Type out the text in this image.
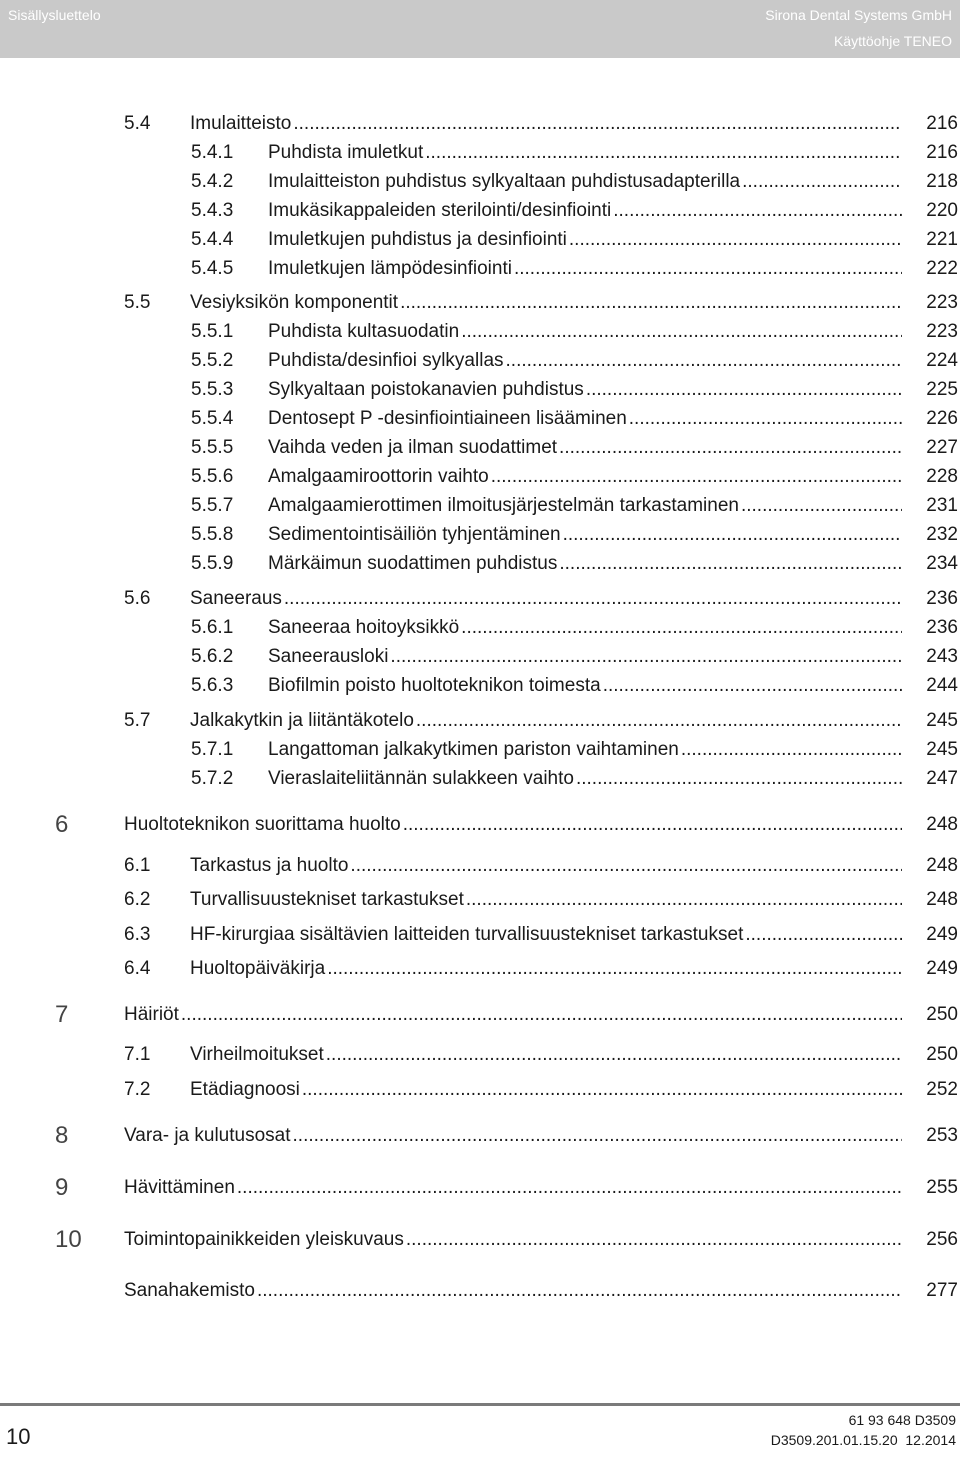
Sisällysluettelo	Sirona Dental Systems GmbH
Käyttöohje TENEO
5.4 Imulaitteisto .....	216
5.4.1 Puhdista imuletkut .....	216
5.4.2 Imulaitteiston puhdistus sylkyaltaan puhdistusadapterilla .....	218
5.4.3 Imukäsikappaleiden sterilointi/desinfiointi .....	220
5.4.4 Imuletkujen puhdistus ja desinfiointi .....	221
5.4.5 Imuletkujen lämpödesinfiointi .....	222
5.5 Vesiyksikön komponentit .....	223
5.5.1 Puhdista kultasuodatin .....	223
5.5.2 Puhdista/desinfioi sylkyallas .....	224
5.5.3 Sylkyaltaan poistokanavien puhdistus .....	225
5.5.4 Dentosept P -desinfiointiaineen lisääminen .....	226
5.5.5 Vaihda veden ja ilman suodattimet .....	227
5.5.6 Amalgaamiroottorin vaihto .....	228
5.5.7 Amalgaamierottimen ilmoitusjärjestelmän tarkastaminen .....	231
5.5.8 Sedimentointisäiliön tyhjentäminen .....	232
5.5.9 Märkäimun suodattimen puhdistus .....	234
5.6 Saneeraus .....	236
5.6.1 Saneeraa hoitoyksikkö .....	236
5.6.2 Saneerausloki .....	243
5.6.3 Biofilmin poisto huoltoteknikon toimesta .....	244
5.7 Jalkakytkin ja liitäntäkotelo .....	245
5.7.1 Langattoman jalkakytkimen pariston vaihtaminen .....	245
5.7.2 Vieraslaiteliitännän sulakkeen vaihto .....	247
6	Huoltoteknikon suorittama huolto .....	248
6.1 Tarkastus ja huolto .....	248
6.2 Turvallisuustekniset tarkastukset .....	248
6.3 HF-kirurgiaa sisältävien laitteiden turvallisuustekniset tarkastukset .....	249
6.4 Huoltopäiväkirja .....	249
7	Häiriöt .....	250
7.1 Virheilmoitukset .....	250
7.2 Etädiagnoosi .....	252
8	Vara- ja kulutusosat .....	253
9	Hävittäminen .....	255
10	Toimintopainikkeiden yleiskuvaus .....	256
Sanahakemisto .....	277
10
61 93 648 D3509
D3509.201.01.15.20 12.2014
